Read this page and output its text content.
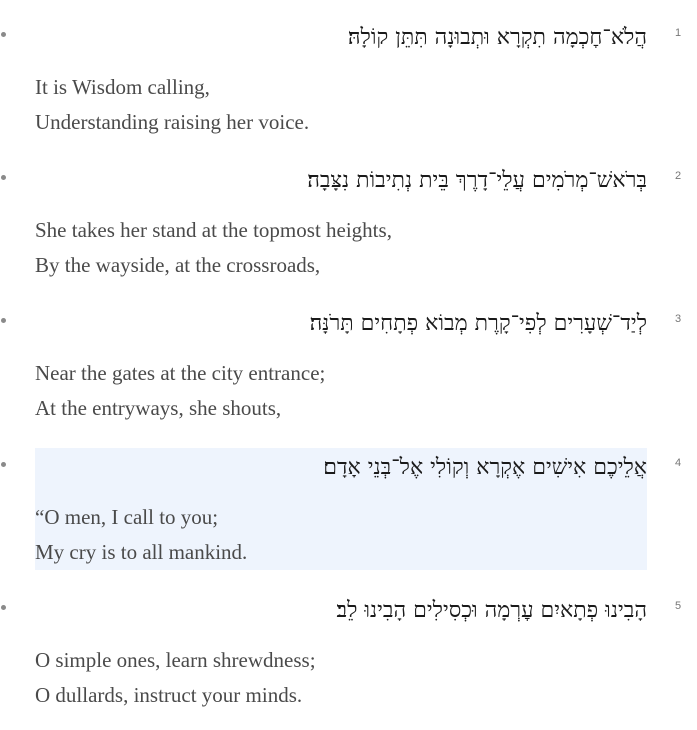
הֲלֹא־חׇכְמָה תִקְרָא וּתְבוּנָה תִּתֵּן קוֹלָהּ׃
It is Wisdom calling,
Understanding raising her voice.
1
בְּרֹאשׁ־מְרֹמִים עֲלֵי־דָרֶךְ בֵּית נְתִיבוֹת נִצָּבָה׃
She takes her stand at the topmost heights,
By the wayside, at the crossroads,
2
לְיַד־שְׁעָרִים לְפִי־קָרֶת מְבוֹא פְתָחִים תָּרֹנָּה׃
Near the gates at the city entrance;
At the entryways, she shouts,
3
אֲלֵיכֶם אִישִׁים אֶקְרָא וְקוֹלִי אֶל־בְּנֵי אָדָם׃
“O men, I call to you;
My cry is to all mankind.
4
הָבִינוּ פְתָאיִם עׇרְמָה וּכְסִילִים הָבִינוּ לֵב׃
O simple ones, learn shrewdness;
O dullards, instruct your minds.
5
